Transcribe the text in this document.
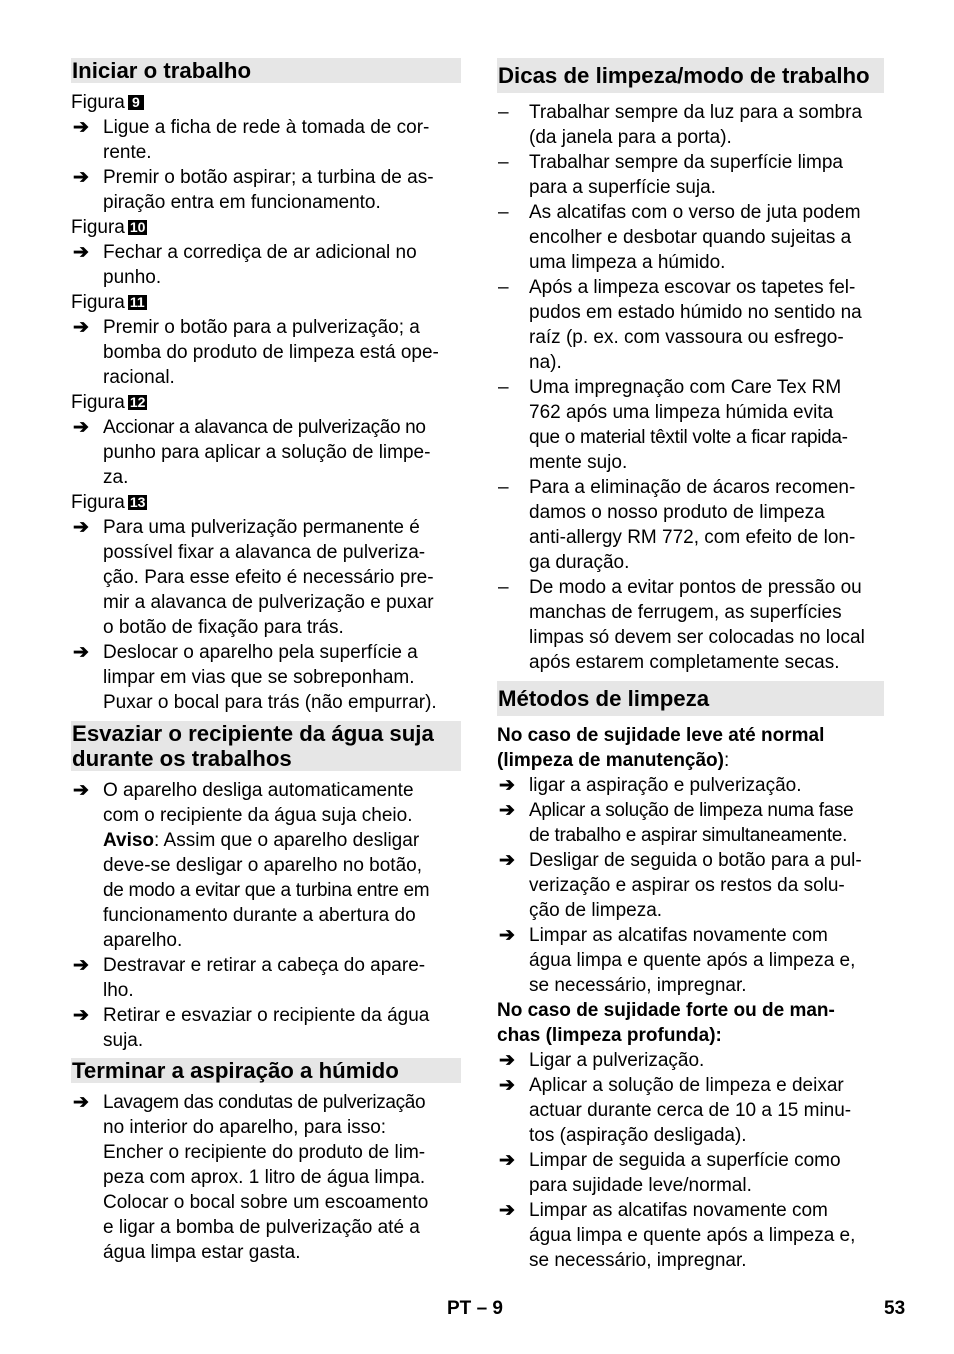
Iniciar o trabalho
Figura 9
➔ Ligue a ficha de rede à tomada de cor-
rente.
➔ Premir o botão aspirar; a turbina de as-
piração entra em funcionamento.
Figura 10
➔ Fechar a corrediça de ar adicional no
punho.
Figura 11
➔ Premir o botão para a pulverização; a
bomba do produto de limpeza está ope-
racional.
Figura 12
➔ Accionar a alavanca de pulverização no
punho para aplicar a solução de limpe-
za.
Figura 13
➔ Para uma pulverização permanente é
possível fixar a alavanca de pulveriza-
ção. Para esse efeito é necessário pre-
mir a alavanca de pulverização e puxar
o botão de fixação para trás.
➔ Deslocar o aparelho pela superfície a
limpar em vias que se sobreponham.
Puxar o bocal para trás (não empurrar).
Esvaziar o recipiente da água suja
durante os trabalhos
➔ O aparelho desliga automaticamente
com o recipiente da água suja cheio.
Aviso: Assim que o aparelho desligar
deve-se desligar o aparelho no botão,
de modo a evitar que a turbina entre em
funcionamento durante a abertura do
aparelho.
➔ Destravar e retirar a cabeça do apare-
lho.
➔ Retirar e esvaziar o recipiente da água
suja.
Terminar a aspiração a húmido
➔ Lavagem das condutas de pulverização
no interior do aparelho, para isso:
Encher o recipiente do produto de lim-
peza com aprox. 1 litro de água limpa.
Colocar o bocal sobre um escoamento
e ligar a bomba de pulverização até a
água limpa estar gasta.
Dicas de limpeza/modo de trabalho
– Trabalhar sempre da luz para a sombra
(da janela para a porta).
– Trabalhar sempre da superfície limpa
para a superfície suja.
– As alcatifas com o verso de juta podem
encolher e desbotar quando sujeitas a
uma limpeza a húmido.
– Após a limpeza escovar os tapetes fel-
pudos em estado húmido no sentido na
raíz (p. ex. com vassoura ou esfrego-
na).
– Uma impregnação com Care Tex RM
762 após uma limpeza húmida evita
que o material têxtil volte a ficar rapida-
mente sujo.
– Para a eliminação de ácaros recomen-
damos o nosso produto de limpeza
anti-allergy RM 772, com efeito de lon-
ga duração.
– De modo a evitar pontos de pressão ou
manchas de ferrugem, as superfícies
limpas só devem ser colocadas no local
após estarem completamente secas.
Métodos de limpeza
No caso de sujidade leve até normal
(limpeza de manutenção):
➔ ligar a aspiração e pulverização.
➔ Aplicar a solução de limpeza numa fase
de trabalho e aspirar simultaneamente.
➔ Desligar de seguida o botão para a pul-
verização e aspirar os restos da solu-
ção de limpeza.
➔ Limpar as alcatifas novamente com
água limpa e quente após a limpeza e,
se necessário, impregnar.
No caso de sujidade forte ou de man-
chas (limpeza profunda):
➔ Ligar a pulverização.
➔ Aplicar a solução de limpeza e deixar
actuar durante cerca de 10 a 15 minu-
tos (aspiração desligada).
➔ Limpar de seguida a superfície como
para sujidade leve/normal.
➔ Limpar as alcatifas novamente com
água limpa e quente após a limpeza e,
se necessário, impregnar.
PT – 9	53
